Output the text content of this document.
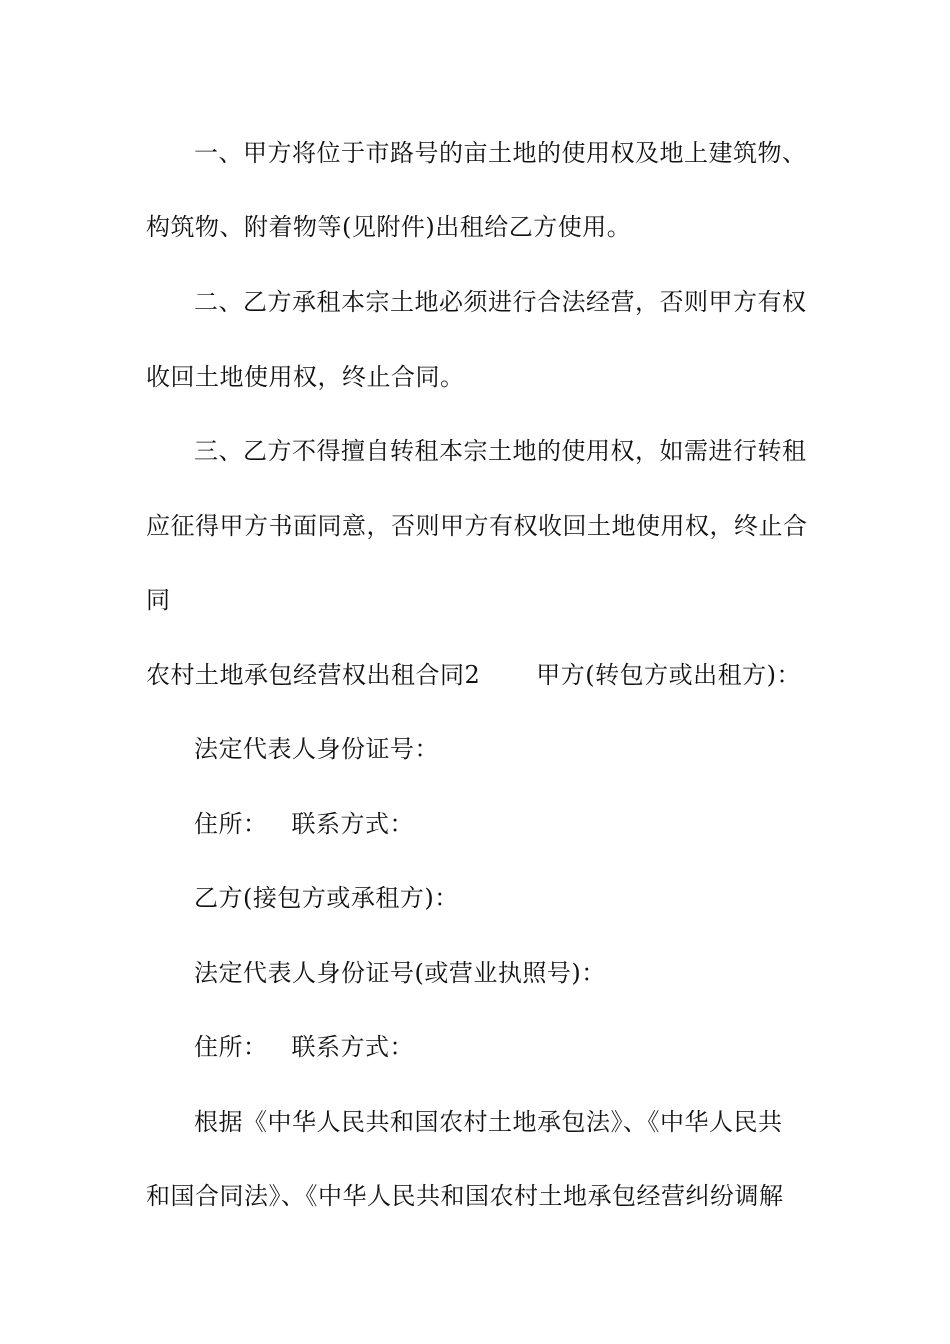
一、甲方将位于市路号的亩土地的使用权及地上建筑物、
构筑物、附着物等(见附件)出租给乙方使用。
二、乙方承租本宗土地必须进行合法经营，否则甲方有权
收回土地使用权，终止合同。
三、乙方不得擅自转租本宗土地的使用权，如需进行转租
应征得甲方书面同意，否则甲方有权收回土地使用权，终止合
同
农村土地承包经营权出租合同2 甲方(转包方或出租方)：
法定代表人身份证号：
住所： 联系方式：
乙方(接包方或承租方)：
法定代表人身份证号(或营业执照号)：
住所： 联系方式：
根据《中华人民共和国农村土地承包法》、《中华人民共
和国合同法》、《中华人民共和国农村土地承包经营纠纷调解
